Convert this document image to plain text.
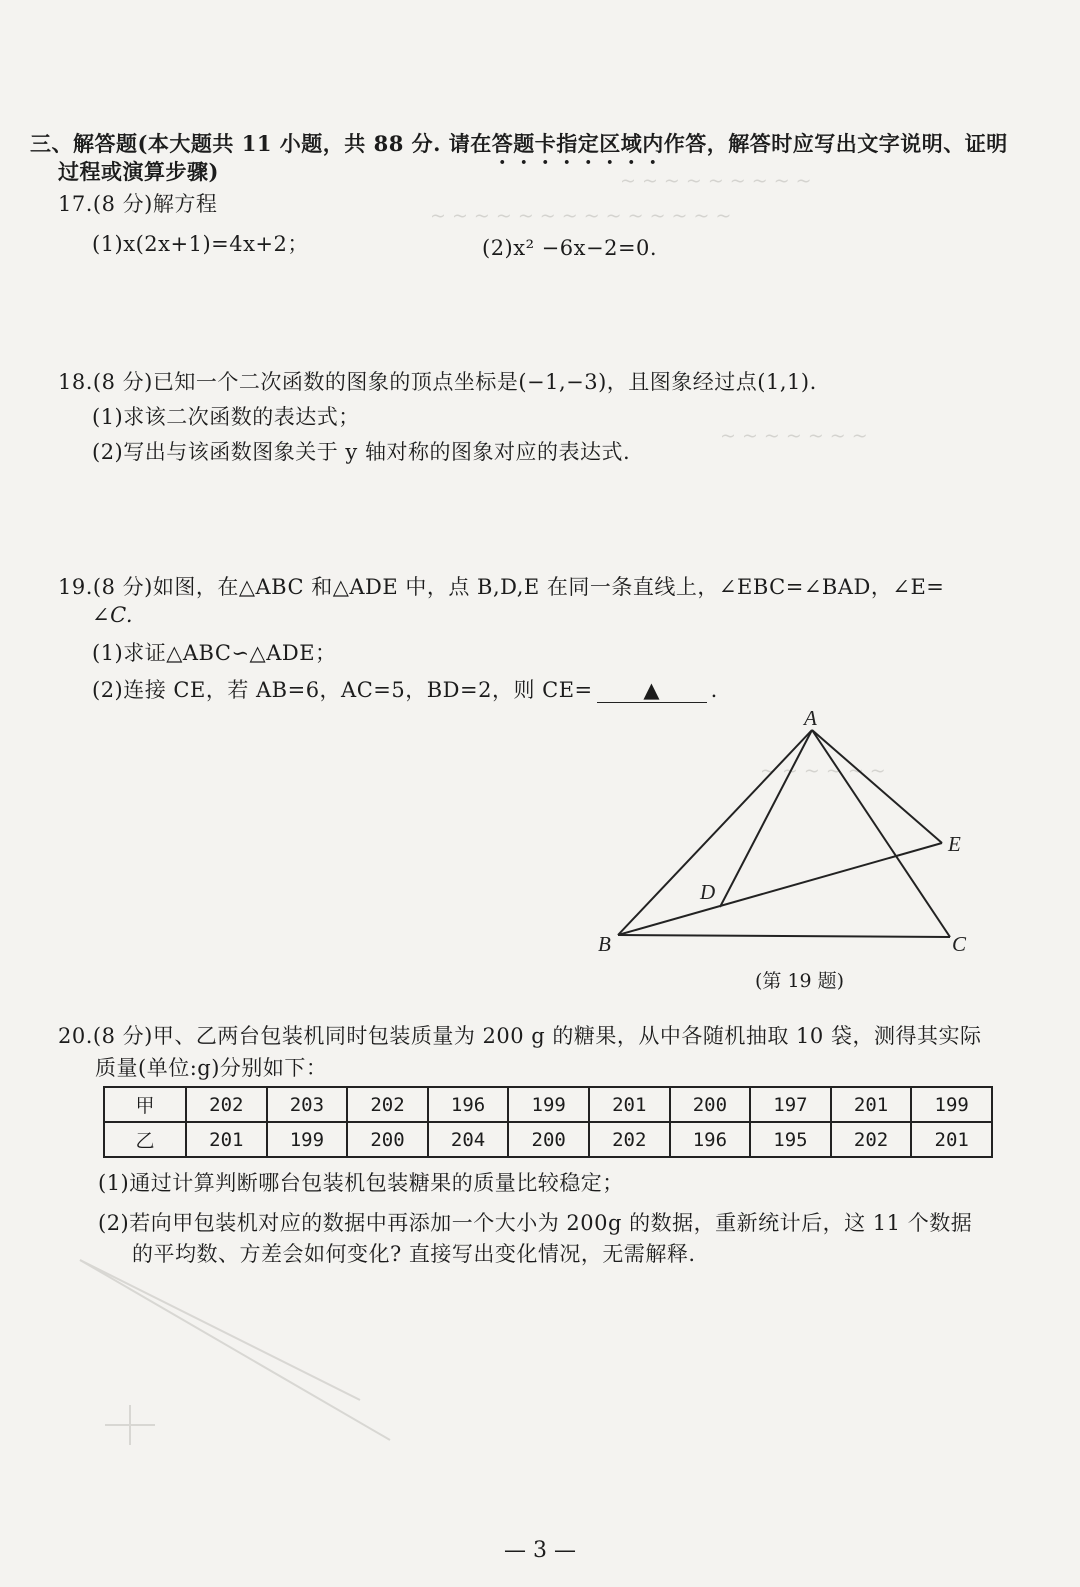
~ ~ ~ ~ ~ ~ ~ ~ ~
~ ~ ~ ~ ~ ~ ~ ~ ~ ~ ~ ~ ~ ~
~ ~ ~ ~ ~ ~ ~
~ ~ ~ ~ ~ ~
三、解答题(本大题共 11 小题，共 88 分. 请在答题卡指定区域内作答，解答时应写出文字说明、证明
过程或演算步骤)
17.(8 分)解方程
(1)x(2x+1)=4x+2；	(2)x² −6x−2=0.
18.(8 分)已知一个二次函数的图象的顶点坐标是(−1,−3)，且图象经过点(1,1).
(1)求该二次函数的表达式；
(2)写出与该函数图象关于 y 轴对称的图象对应的表达式.
19.(8 分)如图，在△ABC 和△ADE 中，点 B,D,E 在同一条直线上，∠EBC=∠BAD，∠E=
∠C.
(1)求证△ABC∽△ADE；
(2)连接 CE，若 AB=6，AC=5，BD=2，则 CE= ▲ .
A
B	C
D
E
(第 19 题)
20.(8 分)甲、乙两台包装机同时包装质量为 200 g 的糖果，从中各随机抽取 10 袋，测得其实际
质量(单位:g)分别如下：
甲	202	203	202	196	199	201	200	197	201	199
乙	201	199	200	204	200	202	196	195	202	201
(1)通过计算判断哪台包装机包装糖果的质量比较稳定；
(2)若向甲包装机对应的数据中再添加一个大小为 200g 的数据，重新统计后，这 11 个数据
的平均数、方差会如何变化? 直接写出变化情况，无需解释.
— 3 —
